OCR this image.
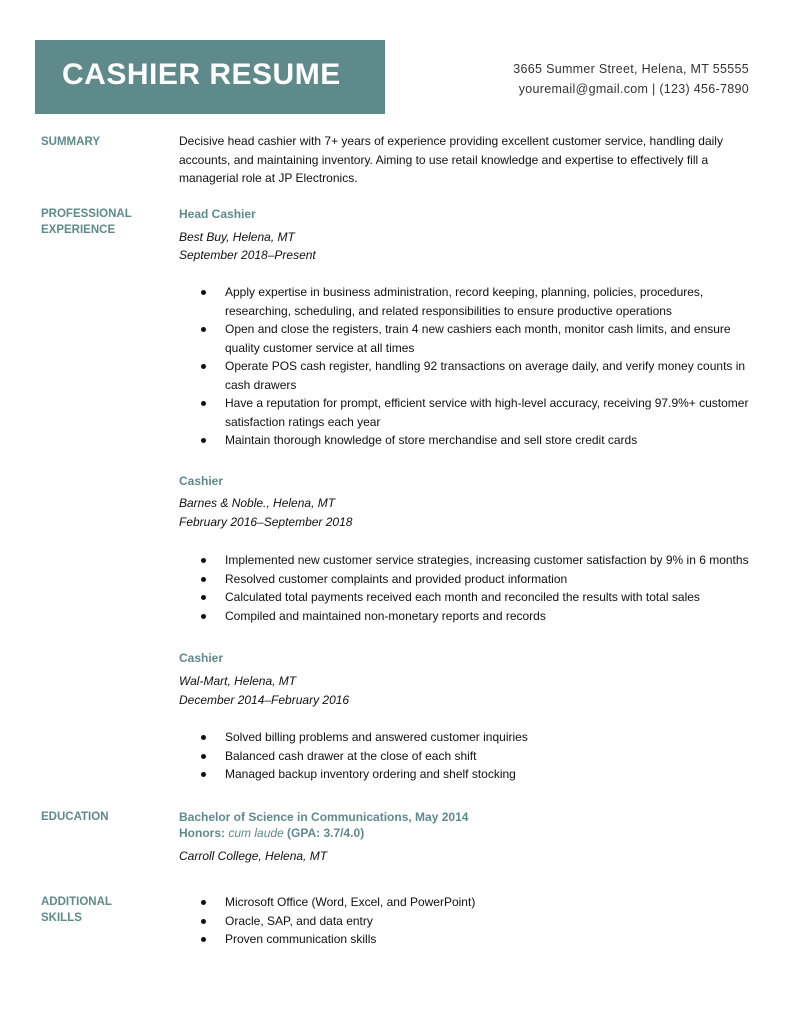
CASHIER RESUME	3665 Summer Street, Helena, MT 55555
youremail@gmail.com | (123) 456-7890
SUMMARY	Decisive head cashier with 7+ years of experience providing excellent customer service, handling daily accounts, and maintaining inventory. Aiming to use retail knowledge and expertise to effectively fill a managerial role at JP Electronics.
PROFESSIONAL
EXPERIENCE
Head Cashier
Best Buy, Helena, MT
September 2018–Present
Apply expertise in business administration, record keeping, planning, policies, procedures, researching, scheduling, and related responsibilities to ensure productive operations
Open and close the registers, train 4 new cashiers each month, monitor cash limits, and ensure quality customer service at all times
Operate POS cash register, handling 92 transactions on average daily, and verify money counts in cash drawers
Have a reputation for prompt, efficient service with high-level accuracy, receiving 97.9%+ customer satisfaction ratings each year
Maintain thorough knowledge of store merchandise and sell store credit cards
Cashier
Barnes & Noble., Helena, MT
February 2016–September 2018
Implemented new customer service strategies, increasing customer satisfaction by 9% in 6 months
Resolved customer complaints and provided product information
Calculated total payments received each month and reconciled the results with total sales
Compiled and maintained non-monetary reports and records
Cashier
Wal-Mart, Helena, MT
December 2014–February 2016
Solved billing problems and answered customer inquiries
Balanced cash drawer at the close of each shift
Managed backup inventory ordering and shelf stocking
EDUCATION	Bachelor of Science in Communications, May 2014
Honors: cum laude (GPA: 3.7/4.0)
Carroll College, Helena, MT
ADDITIONAL
SKILLS
Microsoft Office (Word, Excel, and PowerPoint)
Oracle, SAP, and data entry
Proven communication skills
